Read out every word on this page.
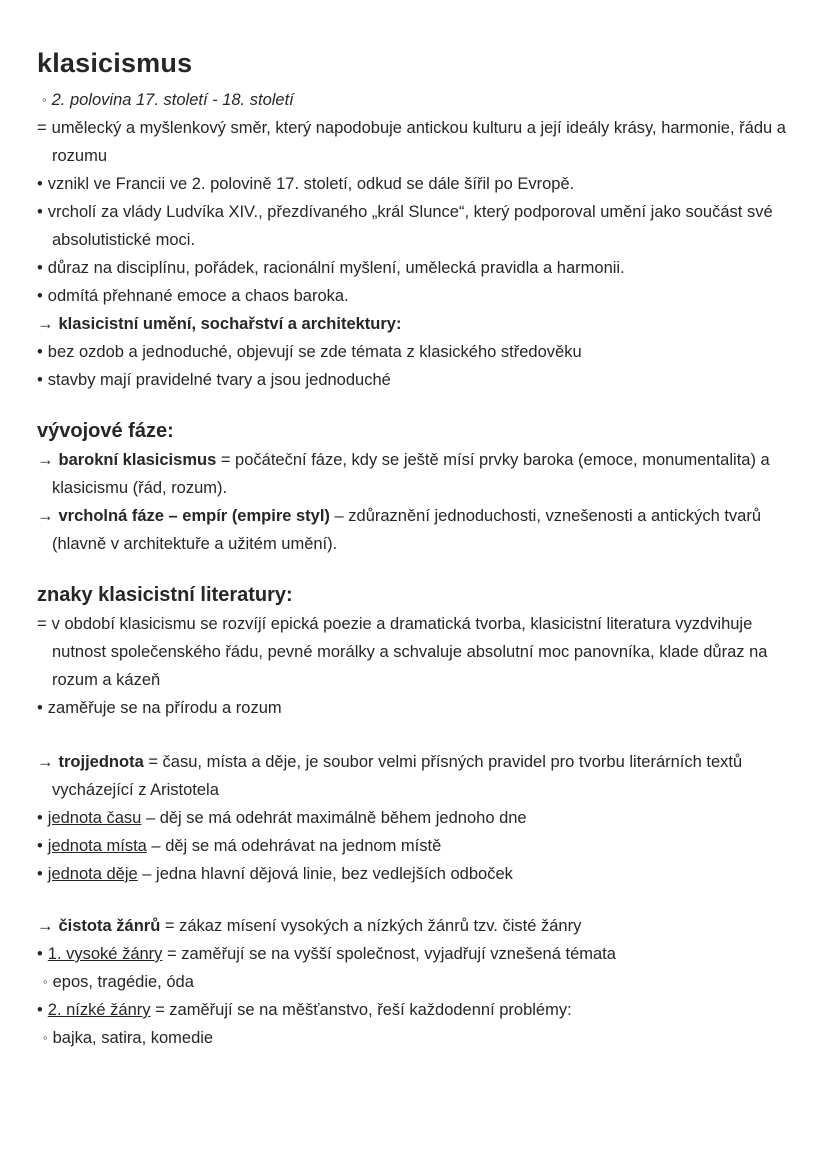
klasicismus
◦ 2. polovina 17. století - 18. století
= umělecký a myšlenkový směr, který napodobuje antickou kulturu a její ideály krásy, harmonie, řádu a rozumu
• vznikl ve Francii ve 2. polovině 17. století, odkud se dále šířil po Evropě.
• vrcholí za vlády Ludvíka XIV., přezdívaného „král Slunce“, který podporoval umění jako součást své absolutistické moci.
• důraz na disciplínu, pořádek, racionální myšlení, umělecká pravidla a harmonii.
• odmítá přehnané emoce a chaos baroka.
→ klasicistní umění, sochařství a architektury:
• bez ozdob a jednoduché, objevují se zde témata z klasického středověku
• stavby mají pravidelné tvary a jsou jednoduché
vývojové fáze:
→ barokní klasicismus = počáteční fáze, kdy se ještě mísí prvky baroka (emoce, monumentalita) a klasicismu (řád, rozum).
→ vrcholná fáze – empír (empire styl) – zdůraznění jednoduchosti, vznešenosti a antických tvarů (hlavně v architektuře a užitém umění).
znaky klasicistní literatury:
= v období klasicismu se rozvíjí epická poezie a dramatická tvorba, klasicistní literatura vyzdvihuje nutnost společenského řádu, pevné morálky a schvaluje absolutní moc panovníka, klade důraz na rozum a kázeň
• zaměřuje se na přírodu a rozum
→ trojjednota = času, místa a děje, je soubor velmi přísných pravidel pro tvorbu literárních textů vycházející z Aristotela
• jednota času – děj se má odehrát maximálně během jednoho dne
• jednota místa – děj se má odehrávat na jednom místě
• jednota děje – jedna hlavní dějová linie, bez vedlejších odboček
→ čistota žánrů = zákaz mísení vysokých a nízkých žánrů tzv. čisté žánry
• 1. vysoké žánry = zaměřují se na vyšší společnost, vyjadřují vznešená témata
◦ epos, tragédie, óda
• 2. nízké žánry = zaměřují se na měšťanstvo, řeší každodenní problémy:
◦ bajka, satira, komedie
